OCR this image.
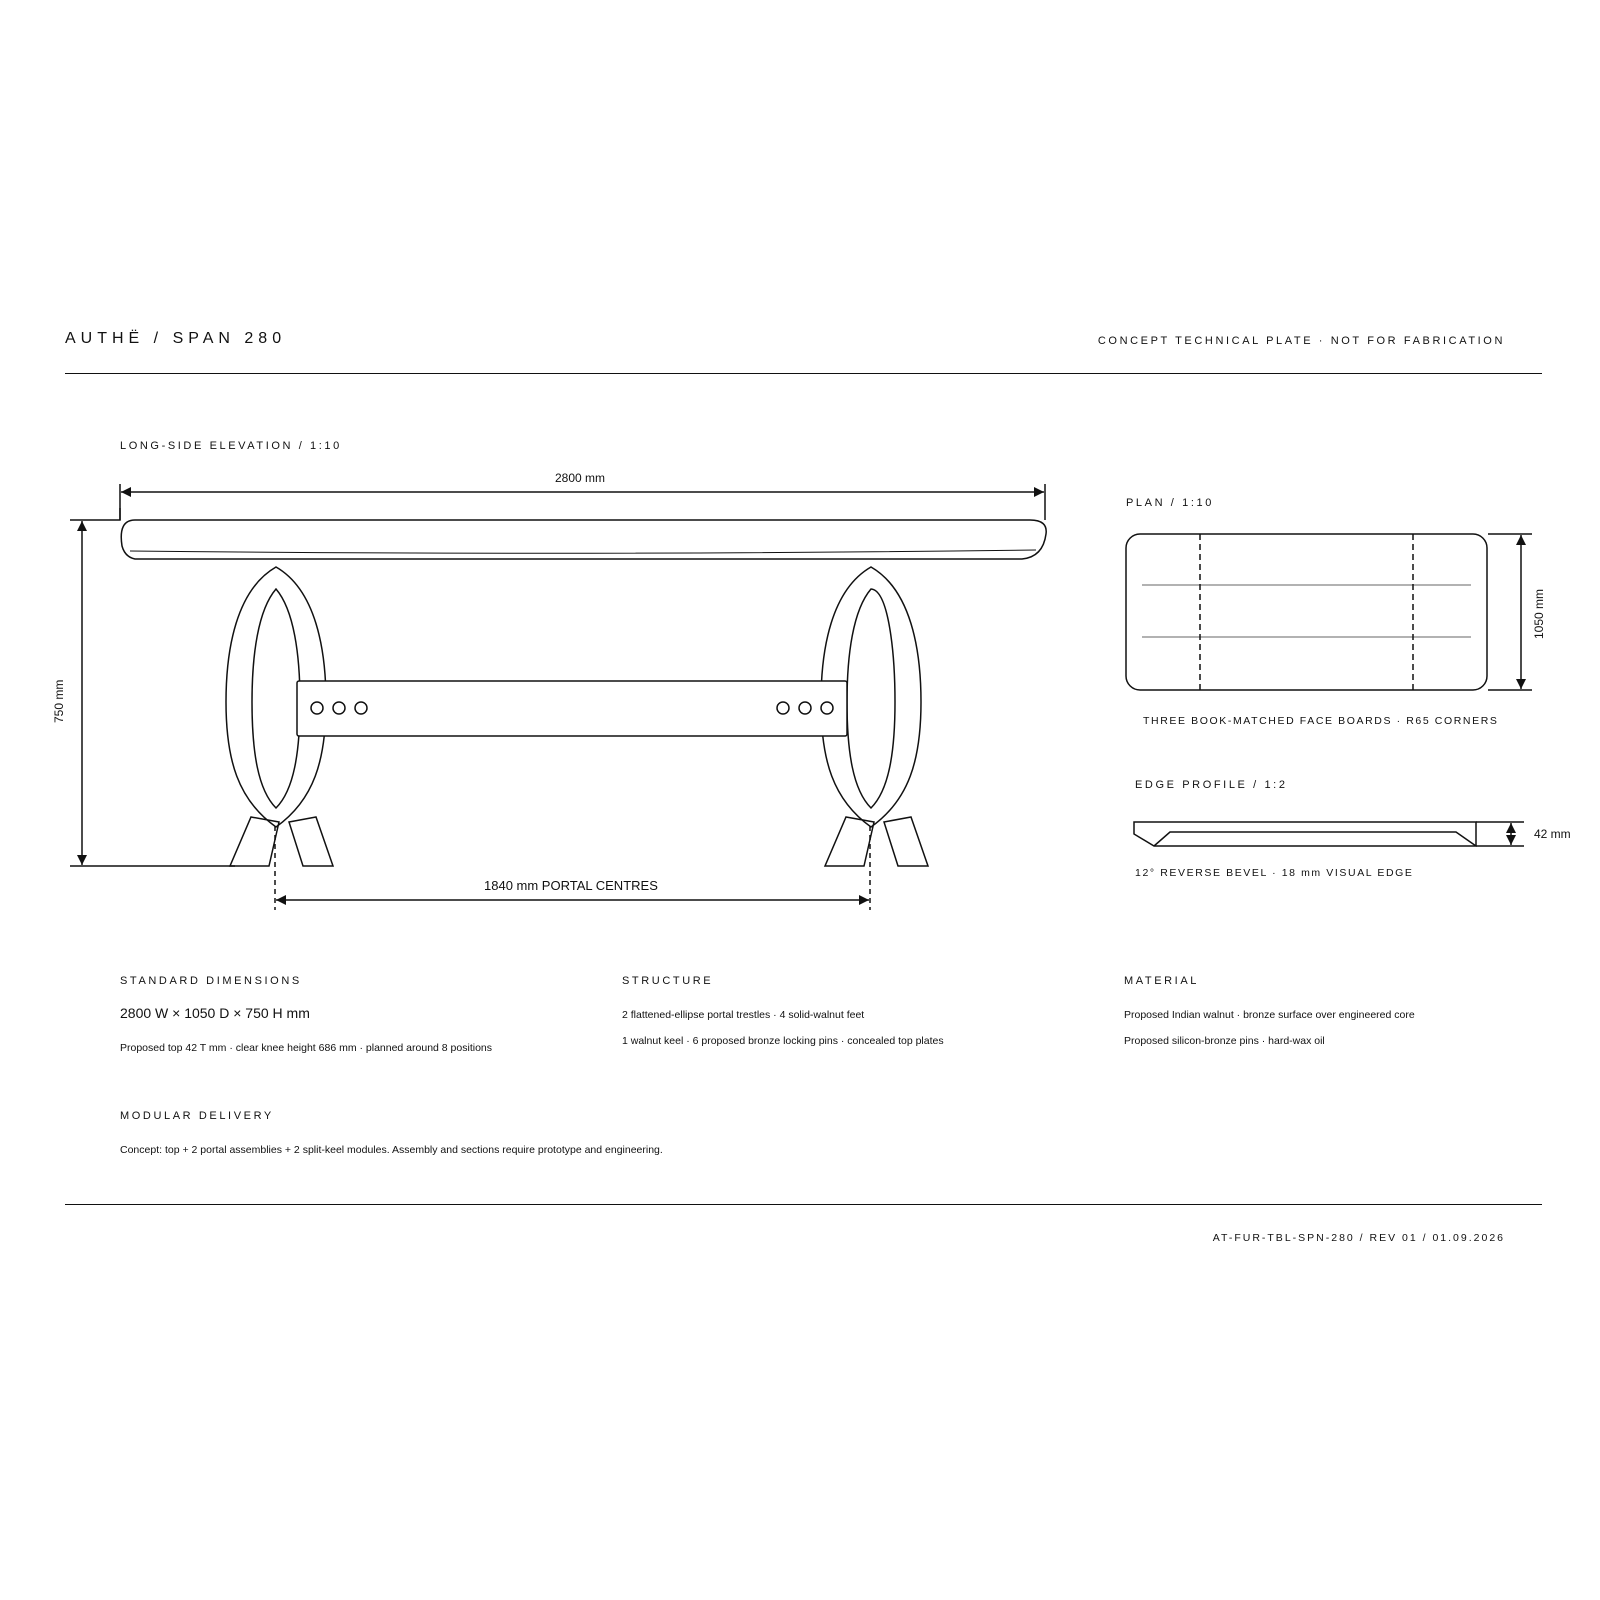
AUTHË / SPAN 280	CONCEPT TECHNICAL PLATE · NOT FOR FABRICATION
LONG-SIDE ELEVATION / 1:10
2800 mm
750 mm
1840 mm PORTAL CENTRES
PLAN / 1:10
1050 mm
THREE BOOK-MATCHED FACE BOARDS · R65 CORNERS
EDGE PROFILE / 1:2
42 mm
12° REVERSE BEVEL · 18 mm VISUAL EDGE
STANDARD DIMENSIONS
2800 W × 1050 D × 750 H mm
Proposed top 42 T mm · clear knee height 686 mm · planned around 8 positions
STRUCTURE
2 flattened-ellipse portal trestles · 4 solid-walnut feet
1 walnut keel · 6 proposed bronze locking pins · concealed top plates
MATERIAL
Proposed Indian walnut · bronze surface over engineered core
Proposed silicon-bronze pins · hard-wax oil
MODULAR DELIVERY
Concept: top + 2 portal assemblies + 2 split-keel modules. Assembly and sections require prototype and engineering.
AT-FUR-TBL-SPN-280 / REV 01 / 01.09.2026
